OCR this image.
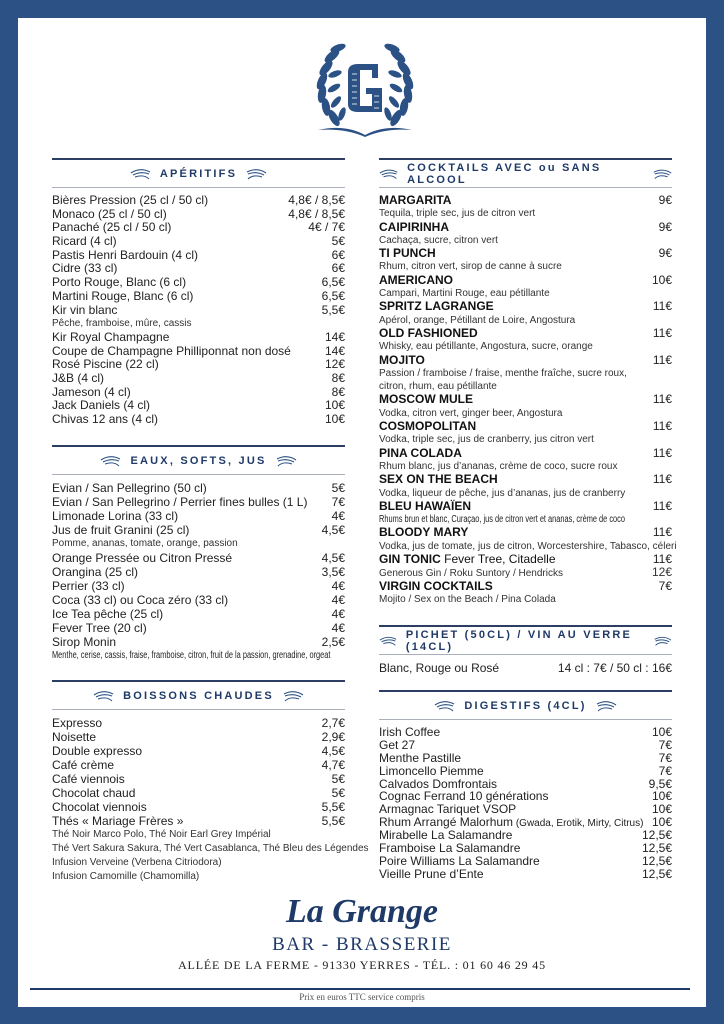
APÉRITIFS
Bières Pression (25 cl / 50 cl)	4,8€ / 8,5€
Monaco (25 cl / 50 cl)	4,8€ / 8,5€
Panaché (25 cl / 50 cl)	4€ / 7€
Ricard (4 cl)	5€
Pastis Henri Bardouin (4 cl)	6€
Cidre (33 cl)	6€
Porto Rouge, Blanc (6 cl)	6,5€
Martini Rouge, Blanc (6 cl)	6,5€
Kir vin blanc	5,5€
Pêche, framboise, mûre, cassis
Kir Royal Champagne	14€
Coupe de Champagne Philliponnat non dosé	14€
Rosé Piscine (22 cl)	12€
J&B (4 cl)	8€
Jameson (4 cl)	8€
Jack Daniels (4 cl)	10€
Chivas 12 ans (4 cl)	10€
EAUX, SOFTS, JUS
Evian / San Pellegrino (50 cl)	5€
Evian / San Pellegrino / Perrier fines bulles (1 L) 7€
Limonade Lorina (33 cl)	4€
Jus de fruit Granini (25 cl)	4,5€
Pomme, ananas, tomate, orange, passion
Orange Pressée ou Citron Pressé	4,5€
Orangina (25 cl)	3,5€
Perrier (33 cl)	4€
Coca (33 cl) ou Coca zéro (33 cl)	4€
Ice Tea pêche (25 cl)	4€
Fever Tree (20 cl)	4€
Sirop Monin	2,5€
Menthe, cerise, cassis, fraise, framboise, citron, fruit de la passion, grenadine, orgeat
BOISSONS CHAUDES
Expresso	2,7€
Noisette	2,9€
Double expresso	4,5€
Café crème	4,7€
Café viennois	5€
Chocolat chaud	5€
Chocolat viennois	5,5€
Thés « Mariage Frères »	5,5€
Thé Noir Marco Polo, Thé Noir Earl Grey Impérial
Thé Vert Sakura Sakura, Thé Vert Casablanca, Thé Bleu des Légendes
Infusion Verveine (Verbena Citriodora)
Infusion Camomille (Chamomilla)
COCKTAILS AVEC ou SANS ALCOOL
MARGARITA	9€
Tequila, triple sec, jus de citron vert
CAIPIRINHA	9€
Cachaça, sucre, citron vert
TI PUNCH	9€
Rhum, citron vert, sirop de canne à sucre
AMERICANO	10€
Campari, Martini Rouge, eau pétillante
SPRITZ LAGRANGE	11€
Apérol, orange, Pétillant de Loire, Angostura
OLD FASHIONED	11€
Whisky, eau pétillante, Angostura, sucre, orange
MOJITO	11€
Passion / framboise / fraise, menthe fraîche, sucre roux,
citron, rhum, eau pétillante
MOSCOW MULE	11€
Vodka, citron vert, ginger beer, Angostura
COSMOPOLITAN	11€
Vodka, triple sec, jus de cranberry, jus citron vert
PINA COLADA	11€
Rhum blanc, jus d’ananas, crème de coco, sucre roux
SEX ON THE BEACH	11€
Vodka, liqueur de pêche, jus d’ananas, jus de cranberry
BLEU HAWAÏEN	11€
Rhums brun et blanc, Curaçao, jus de citron vert et ananas, crème de coco
BLOODY MARY	11€
Vodka, jus de tomate, jus de citron, Worcestershire, Tabasco, céleri
GIN TONIC Fever Tree, Citadelle	11€
Generous Gin / Roku Suntory / Hendricks	12€
VIRGIN COCKTAILS	7€
Mojito / Sex on the Beach / Pina Colada
PICHET (50CL) / VIN AU VERRE (14CL)
Blanc, Rouge ou Rosé	14 cl : 7€ / 50 cl : 16€
DIGESTIFS (4CL)
Irish Coffee	10€
Get 27	7€
Menthe Pastille	7€
Limoncello Piemme	7€
Calvados Domfrontais	9,5€
Cognac Ferrand 10 générations	10€
Armagnac Tariquet VSOP	10€
Rhum Arrangé Malorhum (Gwada, Erotik, Mirty, Citrus) 10€
Mirabelle La Salamandre	12,5€
Framboise La Salamandre	12,5€
Poire Williams La Salamandre	12,5€
Vieille Prune d’Ente	12,5€
La Grange
BAR - BRASSERIE
ALLÉE DE LA FERME - 91330 YERRES - TÉL. : 01 60 46 29 45
Prix en euros TTC service compris
